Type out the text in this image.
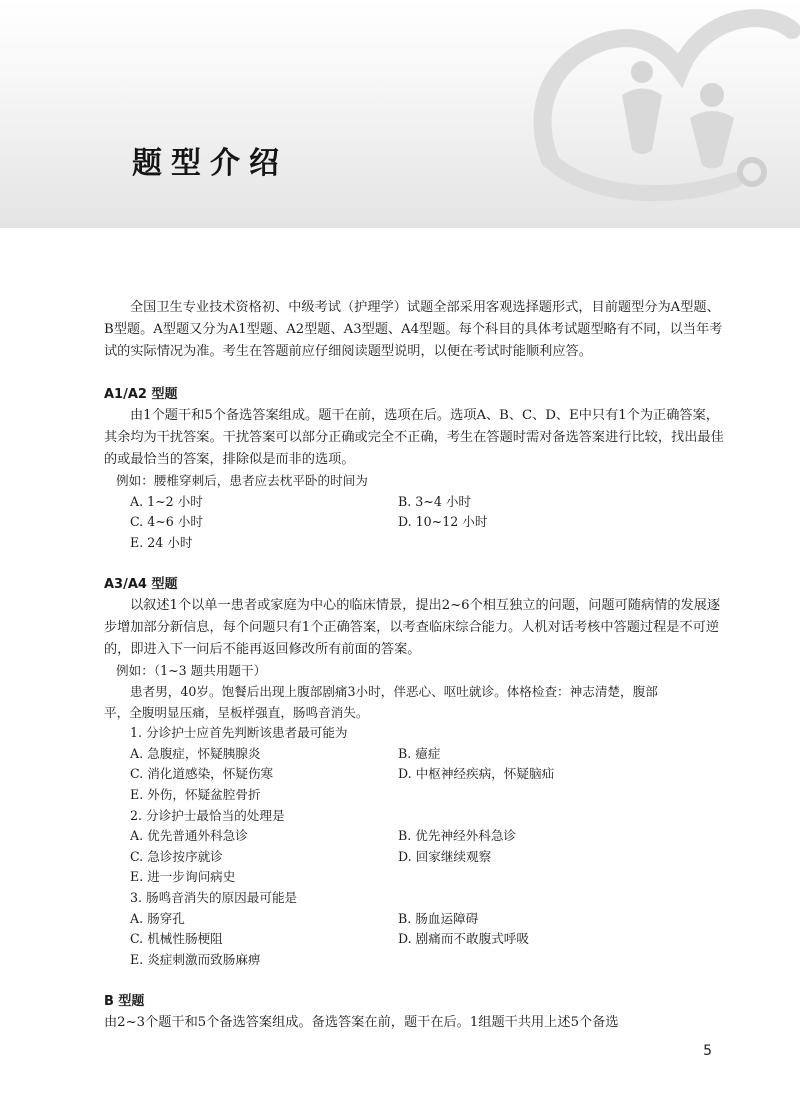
题型介绍

全国卫生专业技术资格初、中级考试（护理学）试题全部采用客观选择题形式，目前题型分为A型题、B型题。A型题又分为A1型题、A2型题、A3型题、A4型题。每个科目的具体考试题型略有不同，以当年考试的实际情况为准。考生在答题前应仔细阅读题型说明，以便在考试时能顺利应答。

A1/A2 型题

由1个题干和5个备选答案组成。题干在前，选项在后。选项A、B、C、D、E中只有1个为正确答案，其余均为干扰答案。干扰答案可以部分正确或完全不正确，考生在答题时需对备选答案进行比较，找出最佳的或最恰当的答案，排除似是而非的选项。

例如：腰椎穿刺后，患者应去枕平卧的时间为
A. 1~2 小时	B. 3~4 小时
C. 4~6 小时	D. 10~12 小时
E. 24 小时
A3/A4 型题

以叙述1个以单一患者或家庭为中心的临床情景，提出2~6个相互独立的问题，问题可随病情的发展逐步增加部分新信息，每个问题只有1个正确答案，以考查临床综合能力。人机对话考核中答题过程是不可逆的，即进入下一问后不能再返回修改所有前面的答案。

例如：（1~3 题共用题干）
患者男，40岁。饱餐后出现上腹部剧痛3小时，伴恶心、呕吐就诊。体格检查：神志清楚，腹部
平，全腹明显压痛，呈板样强直，肠鸣音消失。
1. 分诊护士应首先判断该患者最可能为
A. 急腹症，怀疑胰腺炎	B. 癔症
C. 消化道感染，怀疑伤寒	D. 中枢神经疾病，怀疑脑疝
E. 外伤，怀疑盆腔骨折
2. 分诊护士最恰当的处理是
A. 优先普通外科急诊	B. 优先神经外科急诊
C. 急诊按序就诊	D. 回家继续观察
E. 进一步询问病史
3. 肠鸣音消失的原因最可能是
A. 肠穿孔	B. 肠血运障碍
C. 机械性肠梗阻	D. 剧痛而不敢腹式呼吸
E. 炎症刺激而致肠麻痹
B 型题

由2~3个题干和5个备选答案组成。备选答案在前，题干在后。1组题干共用上述5个备选

5
